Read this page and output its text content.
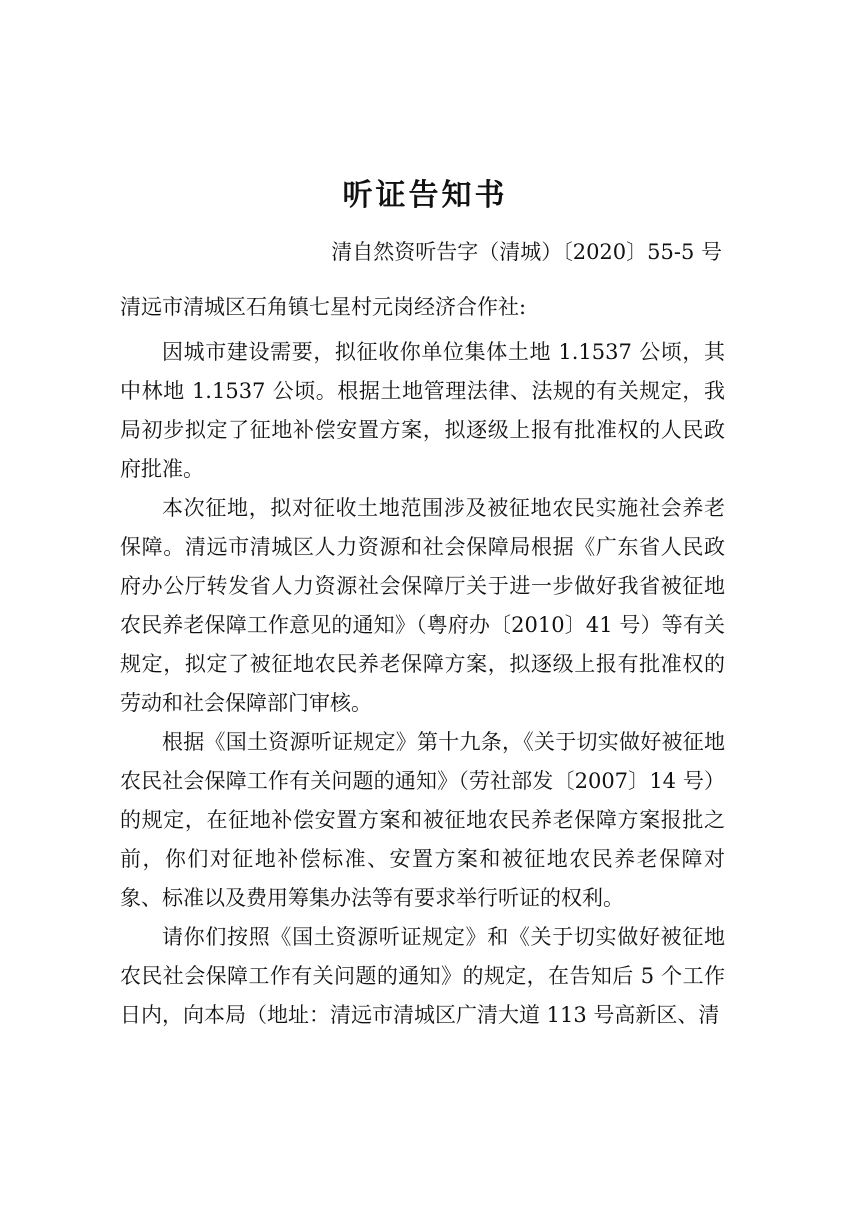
听证告知书
清自然资听告字（清城）〔2020〕55-5 号
清远市清城区石角镇七星村元岗经济合作社:

因城市建设需要，拟征收你单位集体土地 1.1537 公顷，其中林地 1.1537 公顷。根据土地管理法律、法规的有关规定，我局初步拟定了征地补偿安置方案，拟逐级上报有批准权的人民政府批准。

本次征地，拟对征收土地范围涉及被征地农民实施社会养老保障。清远市清城区人力资源和社会保障局根据《广东省人民政府办公厅转发省人力资源社会保障厅关于进一步做好我省被征地农民养老保障工作意见的通知》（粤府办〔2010〕41 号）等有关规定，拟定了被征地农民养老保障方案，拟逐级上报有批准权的劳动和社会保障部门审核。

根据《国土资源听证规定》第十九条，《关于切实做好被征地农民社会保障工作有关问题的通知》（劳社部发〔2007〕14 号）的规定，在征地补偿安置方案和被征地农民养老保障方案报批之前，你们对征地补偿标准、安置方案和被征地农民养老保障对象、标准以及费用筹集办法等有要求举行听证的权利。

请你们按照《国土资源听证规定》和《关于切实做好被征地农民社会保障工作有关问题的通知》的规定，在告知后 5 个工作日内，向本局（地址：清远市清城区广清大道 113 号高新区、清
